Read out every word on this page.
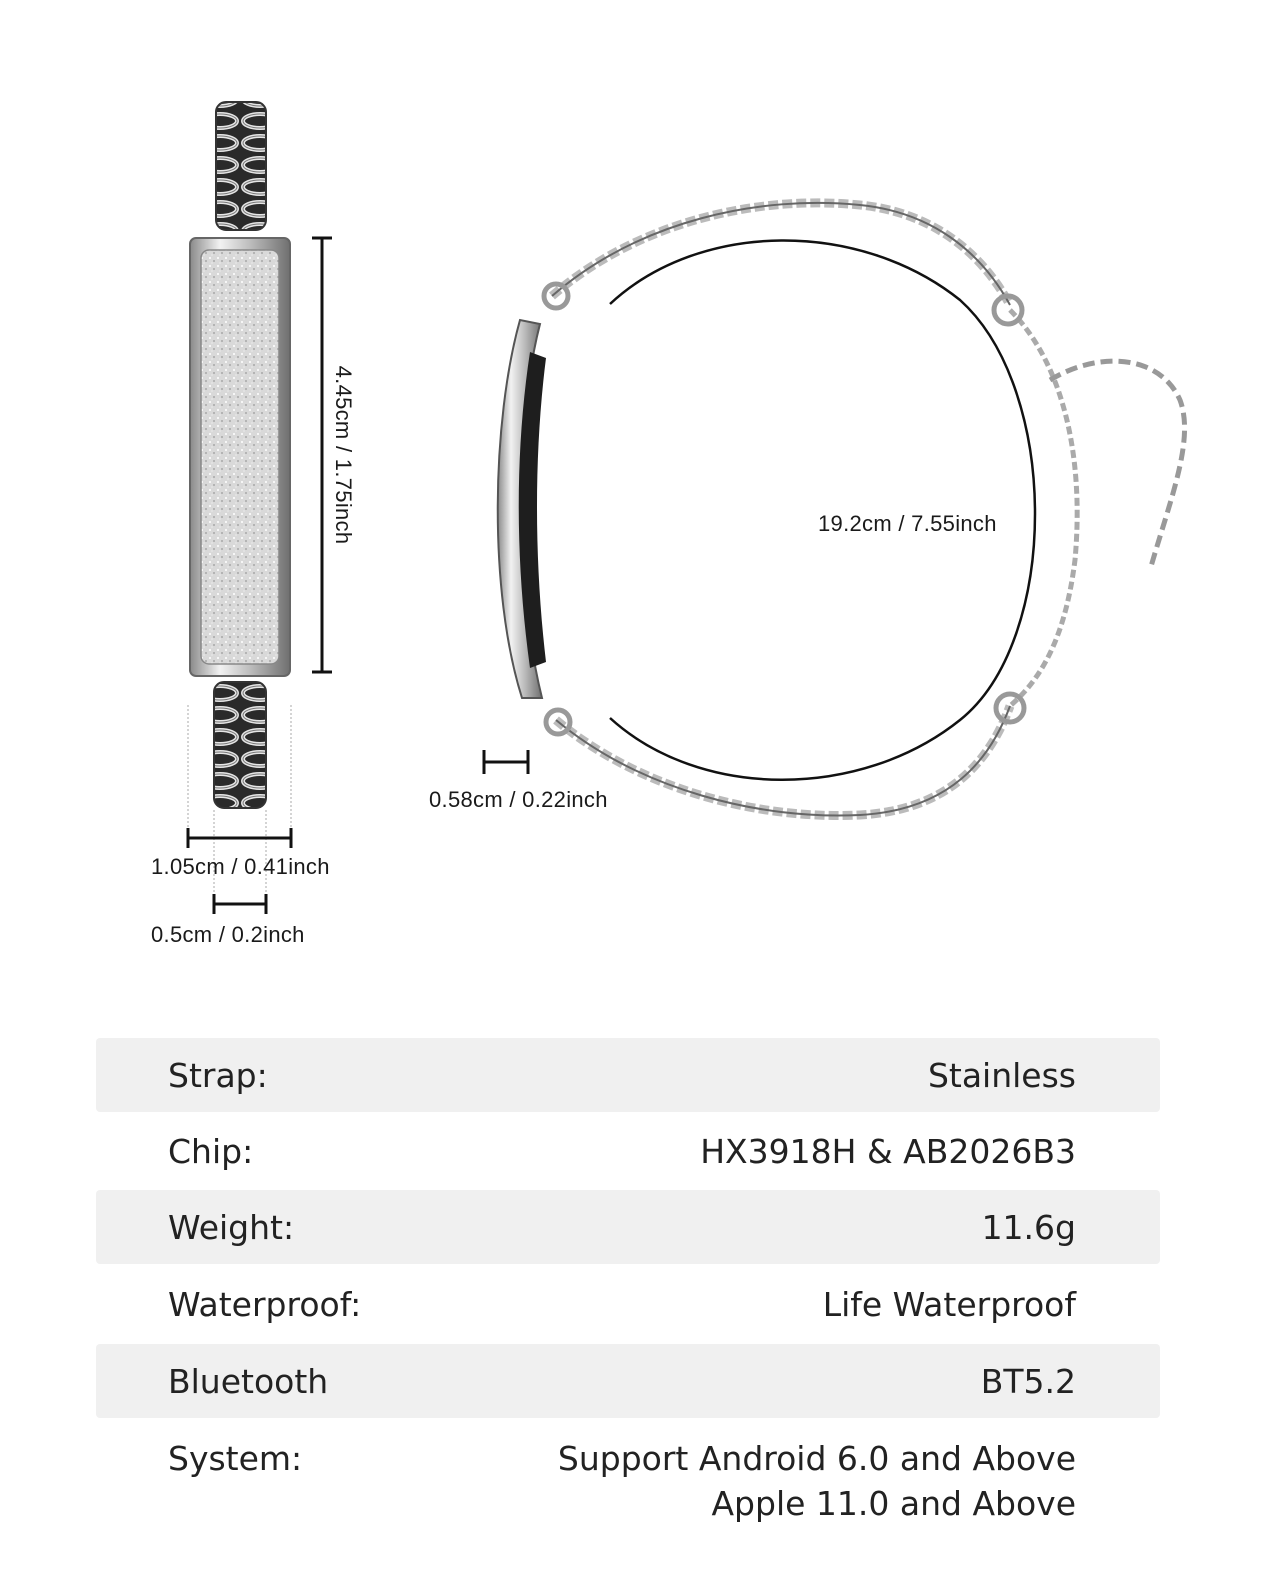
4.45cm / 1.75inch	19.2cm / 7.55inch
0.58cm / 0.22inch
1.05cm / 0.41inch
0.5cm / 0.2inch
Strap:	Stainless
Chip:	HX3918H & AB2026B3
Weight:	11.6g
Waterproof:	Life Waterproof
Bluetooth	BT5.2
System:	Support Android 6.0 and Above
Apple 11.0 and Above
